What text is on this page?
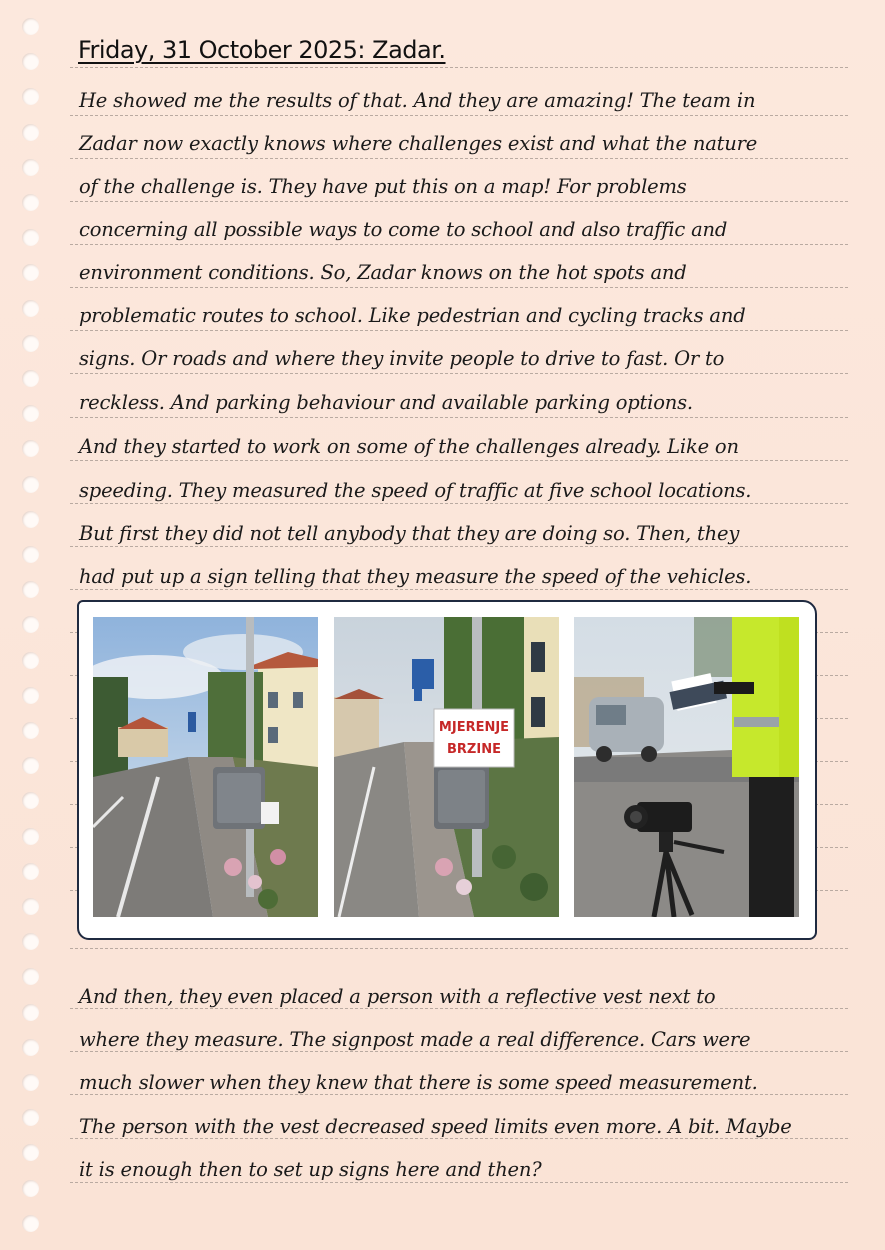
Friday, 31 October 2025: Zadar.
He showed me the results of that. And they are amazing! The team in
Zadar now exactly knows where challenges exist and what the nature
of the challenge is. They have put this on a map! For problems
concerning all possible ways to come to school and also traffic and
environment conditions. So, Zadar knows on the hot spots and
problematic routes to school. Like pedestrian and cycling tracks and
signs. Or roads and where they invite people to drive to fast. Or to
reckless. And parking behaviour and available parking options.
And they started to work on some of the challenges already. Like on
speeding. They measured the speed of traffic at five school locations.
But first they did not tell anybody that they are doing so. Then, they
had put up a sign telling that they measure the speed of the vehicles.
MJERENJE
BRZINE
And then, they even placed a person with a reflective vest next to
where they measure. The signpost made a real difference. Cars were
much slower when they knew that there is some speed measurement.
The person with the vest decreased speed limits even more. A bit. Maybe
it is enough then to set up signs here and then?
